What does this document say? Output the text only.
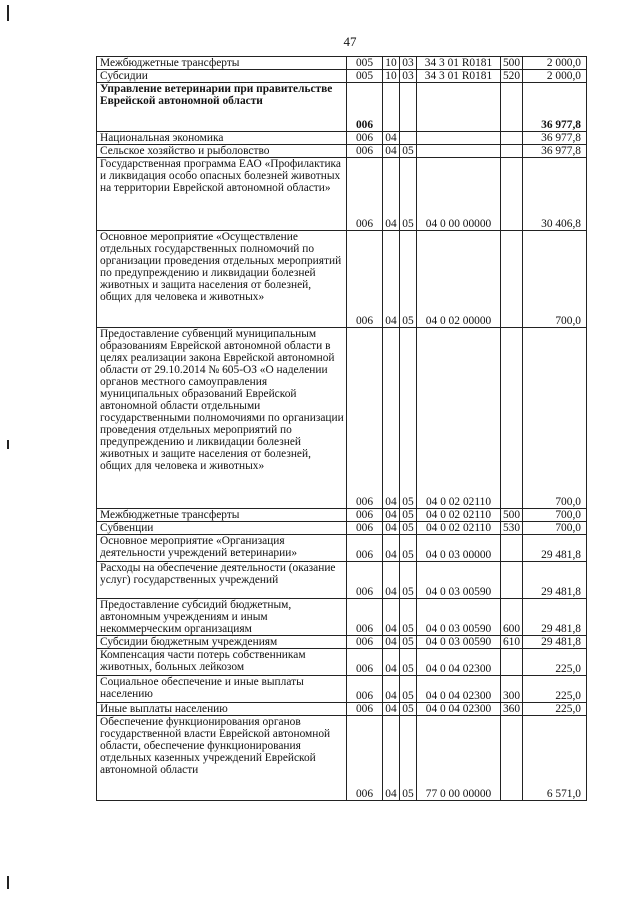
47
Межбюджетные трансферты	005	10	03	34 3 01 R0181	500	2 000,0
Субсидии	005	10	03	34 3 01 R0181	520	2 000,0
Управление ветеринарии при правительстве Еврейской автономной области	006					36 977,8
Национальная экономика	006	04				36 977,8
Сельское хозяйство и рыболовство	006	04	05			36 977,8
Государственная программа ЕАО «Профилактика и ликвидация особо опасных болезней животных на территории Еврейской автономной области»	006	04	05	04 0 00 00000		30 406,8
Основное мероприятие «Осуществление отдельных государственных полномочий по организации проведения отдельных мероприятий по предупреждению и ликвидации болезней животных и защита населения от болезней, общих для человека и животных»	006	04	05	04 0 02 00000		700,0
Предоставление субвенций муниципальным образованиям Еврейской автономной области в целях реализации закона Еврейской автономной области от 29.10.2014 № 605-ОЗ «О наделении органов местного самоуправления муниципальных образований Еврейской автономной области отдельными государственными полномочиями по организации проведения отдельных мероприятий по предупреждению и ликвидации болезней животных и защите населения от болезней, общих для человека и животных»	006	04	05	04 0 02 02110		700,0
Межбюджетные трансферты	006	04	05	04 0 02 02110	500	700,0
Субвенции	006	04	05	04 0 02 02110	530	700,0
Основное мероприятие «Организация деятельности учреждений ветеринарии»	006	04	05	04 0 03 00000		29 481,8
Расходы на обеспечение деятельности (оказание услуг) государственных учреждений	006	04	05	04 0 03 00590		29 481,8
Предоставление субсидий бюджетным, автономным учреждениям и иным некоммерческим организациям	006	04	05	04 0 03 00590	600	29 481,8
Субсидии бюджетным учреждениям	006	04	05	04 0 03 00590	610	29 481,8
Компенсация части потерь собственникам животных, больных лейкозом	006	04	05	04 0 04 02300		225,0
Социальное обеспечение и иные выплаты населению	006	04	05	04 0 04 02300	300	225,0
Иные выплаты населению	006	04	05	04 0 04 02300	360	225,0
Обеспечение функционирования органов государственной власти Еврейской автономной области, обеспечение функционирования отдельных казенных учреждений Еврейской автономной области	006	04	05	77 0 00 00000		6 571,0
